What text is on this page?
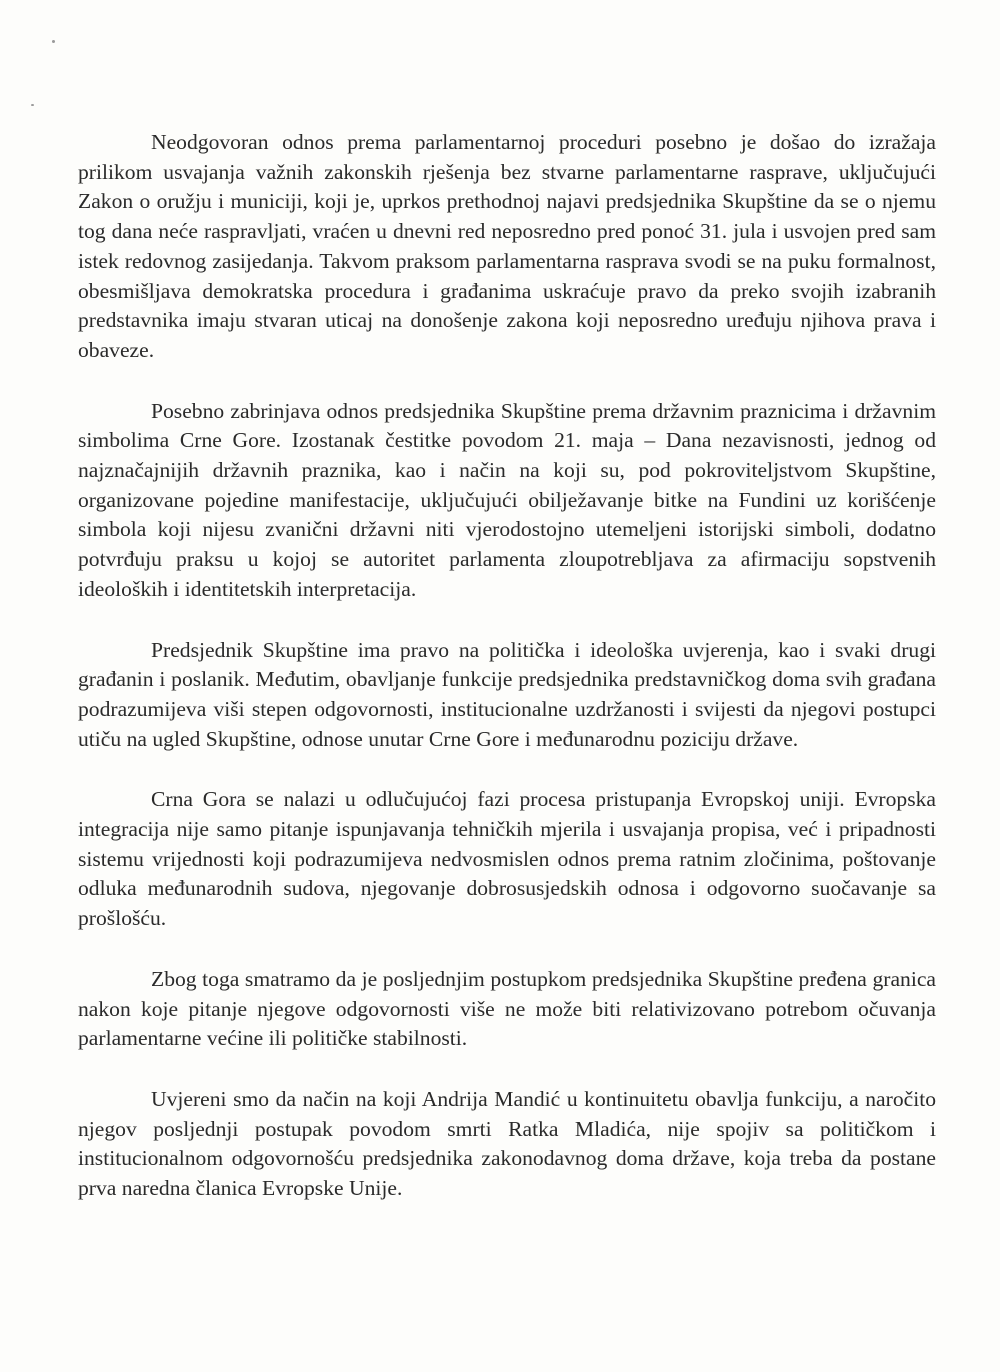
Neodgovoran odnos prema parlamentarnoj proceduri posebno je došao do izražaja prilikom usvajanja važnih zakonskih rješenja bez stvarne parlamentarne rasprave, uključujući Zakon o oružju i municiji, koji je, uprkos prethodnoj najavi predsjednika Skupštine da se o njemu tog dana neće raspravljati, vraćen u dnevni red neposredno pred ponoć 31. jula i usvojen pred sam istek redovnog zasijedanja. Takvom praksom parlamentarna rasprava svodi se na puku formalnost, obesmišljava demokratska procedura i građanima uskraćuje pravo da preko svojih izabranih predstavnika imaju stvaran uticaj na donošenje zakona koji neposredno uređuju njihova prava i obaveze.

Posebno zabrinjava odnos predsjednika Skupštine prema državnim praznicima i državnim simbolima Crne Gore. Izostanak čestitke povodom 21. maja – Dana nezavisnosti, jednog od najznačajnijih državnih praznika, kao i način na koji su, pod pokroviteljstvom Skupštine, organizovane pojedine manifestacije, uključujući obilježavanje bitke na Fundini uz korišćenje simbola koji nijesu zvanični državni niti vjerodostojno utemeljeni istorijski simboli, dodatno potvrđuju praksu u kojoj se autoritet parlamenta zloupotrebljava za afirmaciju sopstvenih ideoloških i identitetskih interpretacija.

Predsjednik Skupštine ima pravo na politička i ideološka uvjerenja, kao i svaki drugi građanin i poslanik. Međutim, obavljanje funkcije predsjednika predstavničkog doma svih građana podrazumijeva viši stepen odgovornosti, institucionalne uzdržanosti i svijesti da njegovi postupci utiču na ugled Skupštine, odnose unutar Crne Gore i međunarodnu poziciju države.

Crna Gora se nalazi u odlučujućoj fazi procesa pristupanja Evropskoj uniji. Evropska integracija nije samo pitanje ispunjavanja tehničkih mjerila i usvajanja propisa, već i pripadnosti sistemu vrijednosti koji podrazumijeva nedvosmislen odnos prema ratnim zločinima, poštovanje odluka međunarodnih sudova, njegovanje dobrosusjedskih odnosa i odgovorno suočavanje sa prošlošću.

Zbog toga smatramo da je posljednjim postupkom predsjednika Skupštine pređena granica nakon koje pitanje njegove odgovornosti više ne može biti relativizovano potrebom očuvanja parlamentarne većine ili političke stabilnosti.

Uvjereni smo da način na koji Andrija Mandić u kontinuitetu obavlja funkciju, a naročito njegov posljednji postupak povodom smrti Ratka Mladića, nije spojiv sa političkom i institucionalnom odgovornošću predsjednika zakonodavnog doma države, koja treba da postane prva naredna članica Evropske Unije.
